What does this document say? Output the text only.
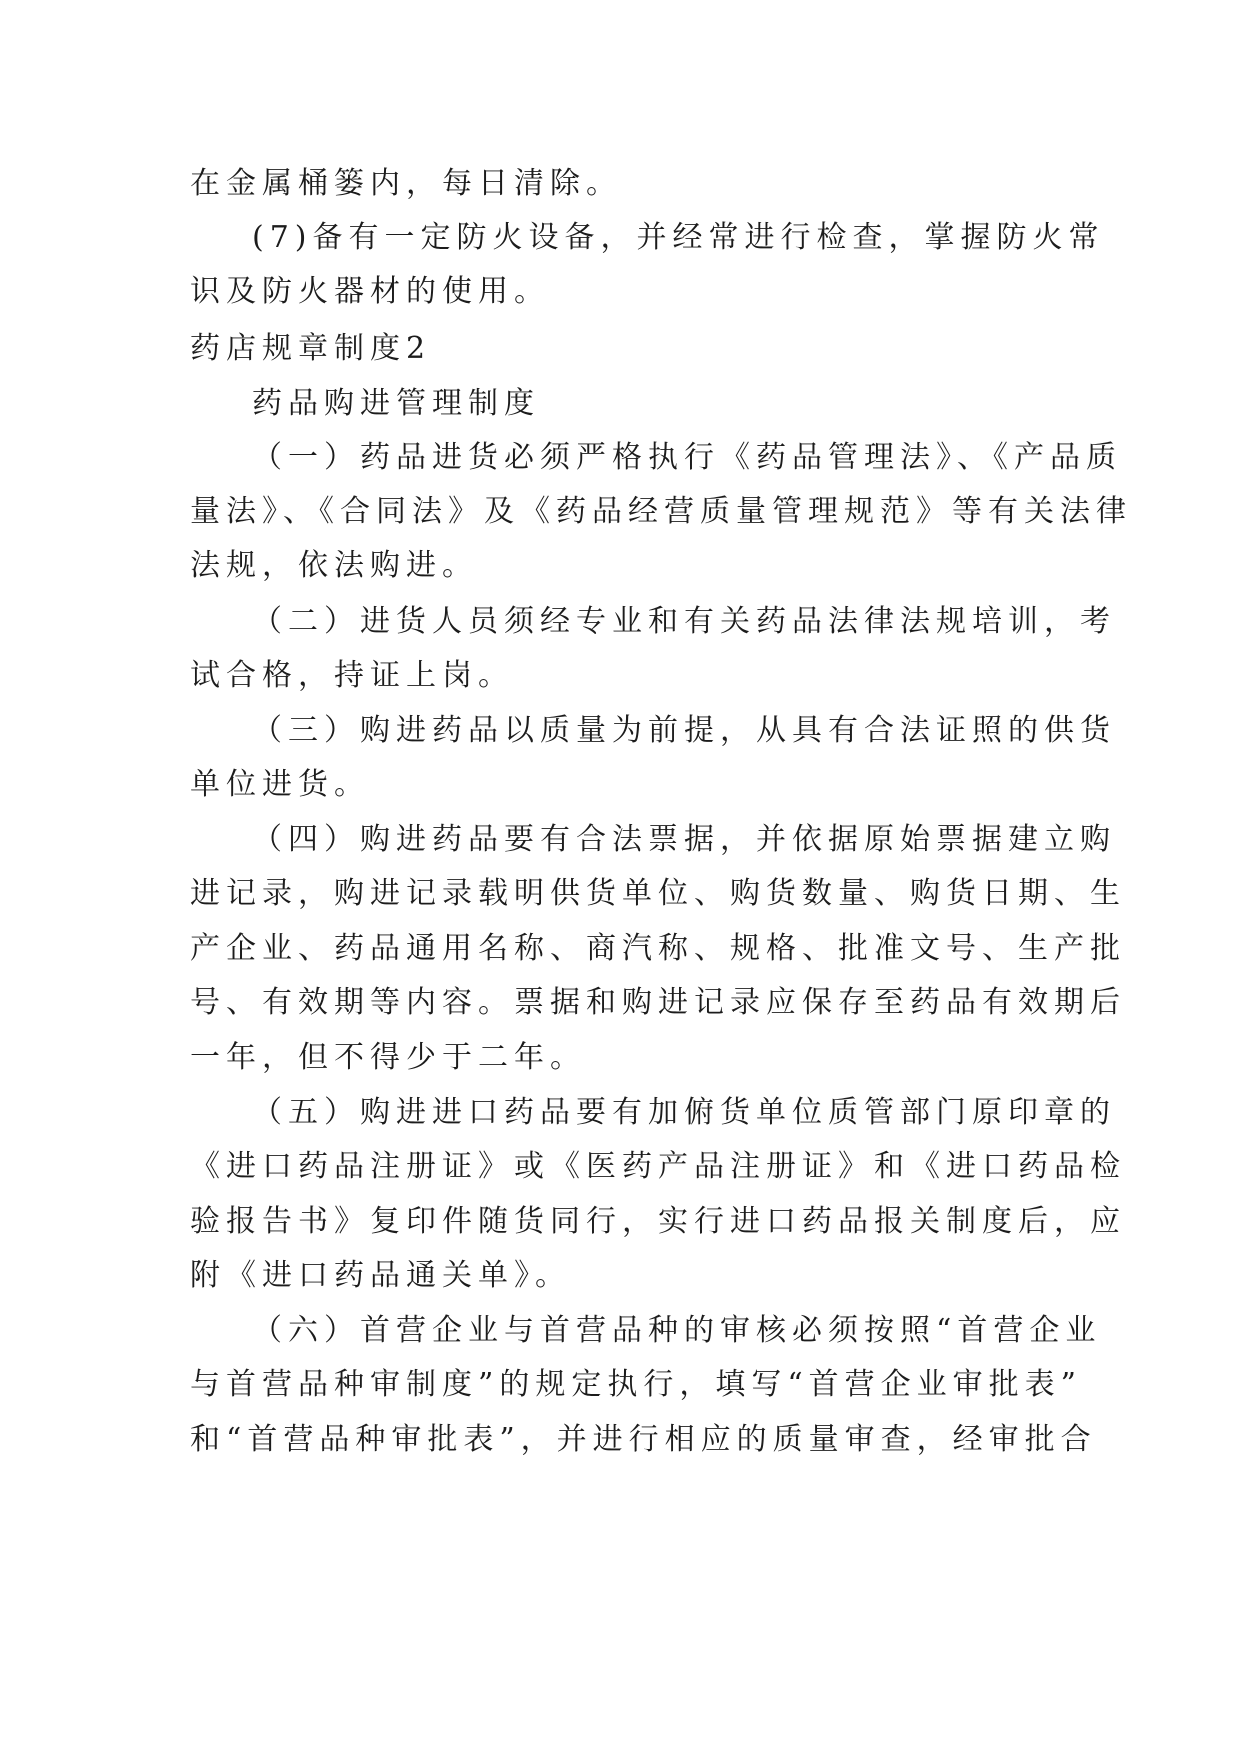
在金属桶篓内，每日清除。

(7)备有一定防火设备，并经常进行检查，掌握防火常

识及防火器材的使用。

药店规章制度2

药品购进管理制度

（一）药品进货必须严格执行《药品管理法》、《产品质

量法》、《合同法》及《药品经营质量管理规范》等有关法律

法规，依法购进。

（二）进货人员须经专业和有关药品法律法规培训，考

试合格，持证上岗。

（三）购进药品以质量为前提，从具有合法证照的供货

单位进货。

（四）购进药品要有合法票据，并依据原始票据建立购

进记录，购进记录载明供货单位、购货数量、购货日期、生

产企业、药品通用名称、商汽称、规格、批准文号、生产批

号、有效期等内容。票据和购进记录应保存至药品有效期后

一年，但不得少于二年。

（五）购进进口药品要有加俯货单位质管部门原印章的

《进口药品注册证》或《医药产品注册证》和《进口药品检

验报告书》复印件随货同行，实行进口药品报关制度后，应

附《进口药品通关单》。

（六）首营企业与首营品种的审核必须按照“首营企业

与首营品种审制度”的规定执行，填写“首营企业审批表”

和“首营品种审批表”，并进行相应的质量审查，经审批合
